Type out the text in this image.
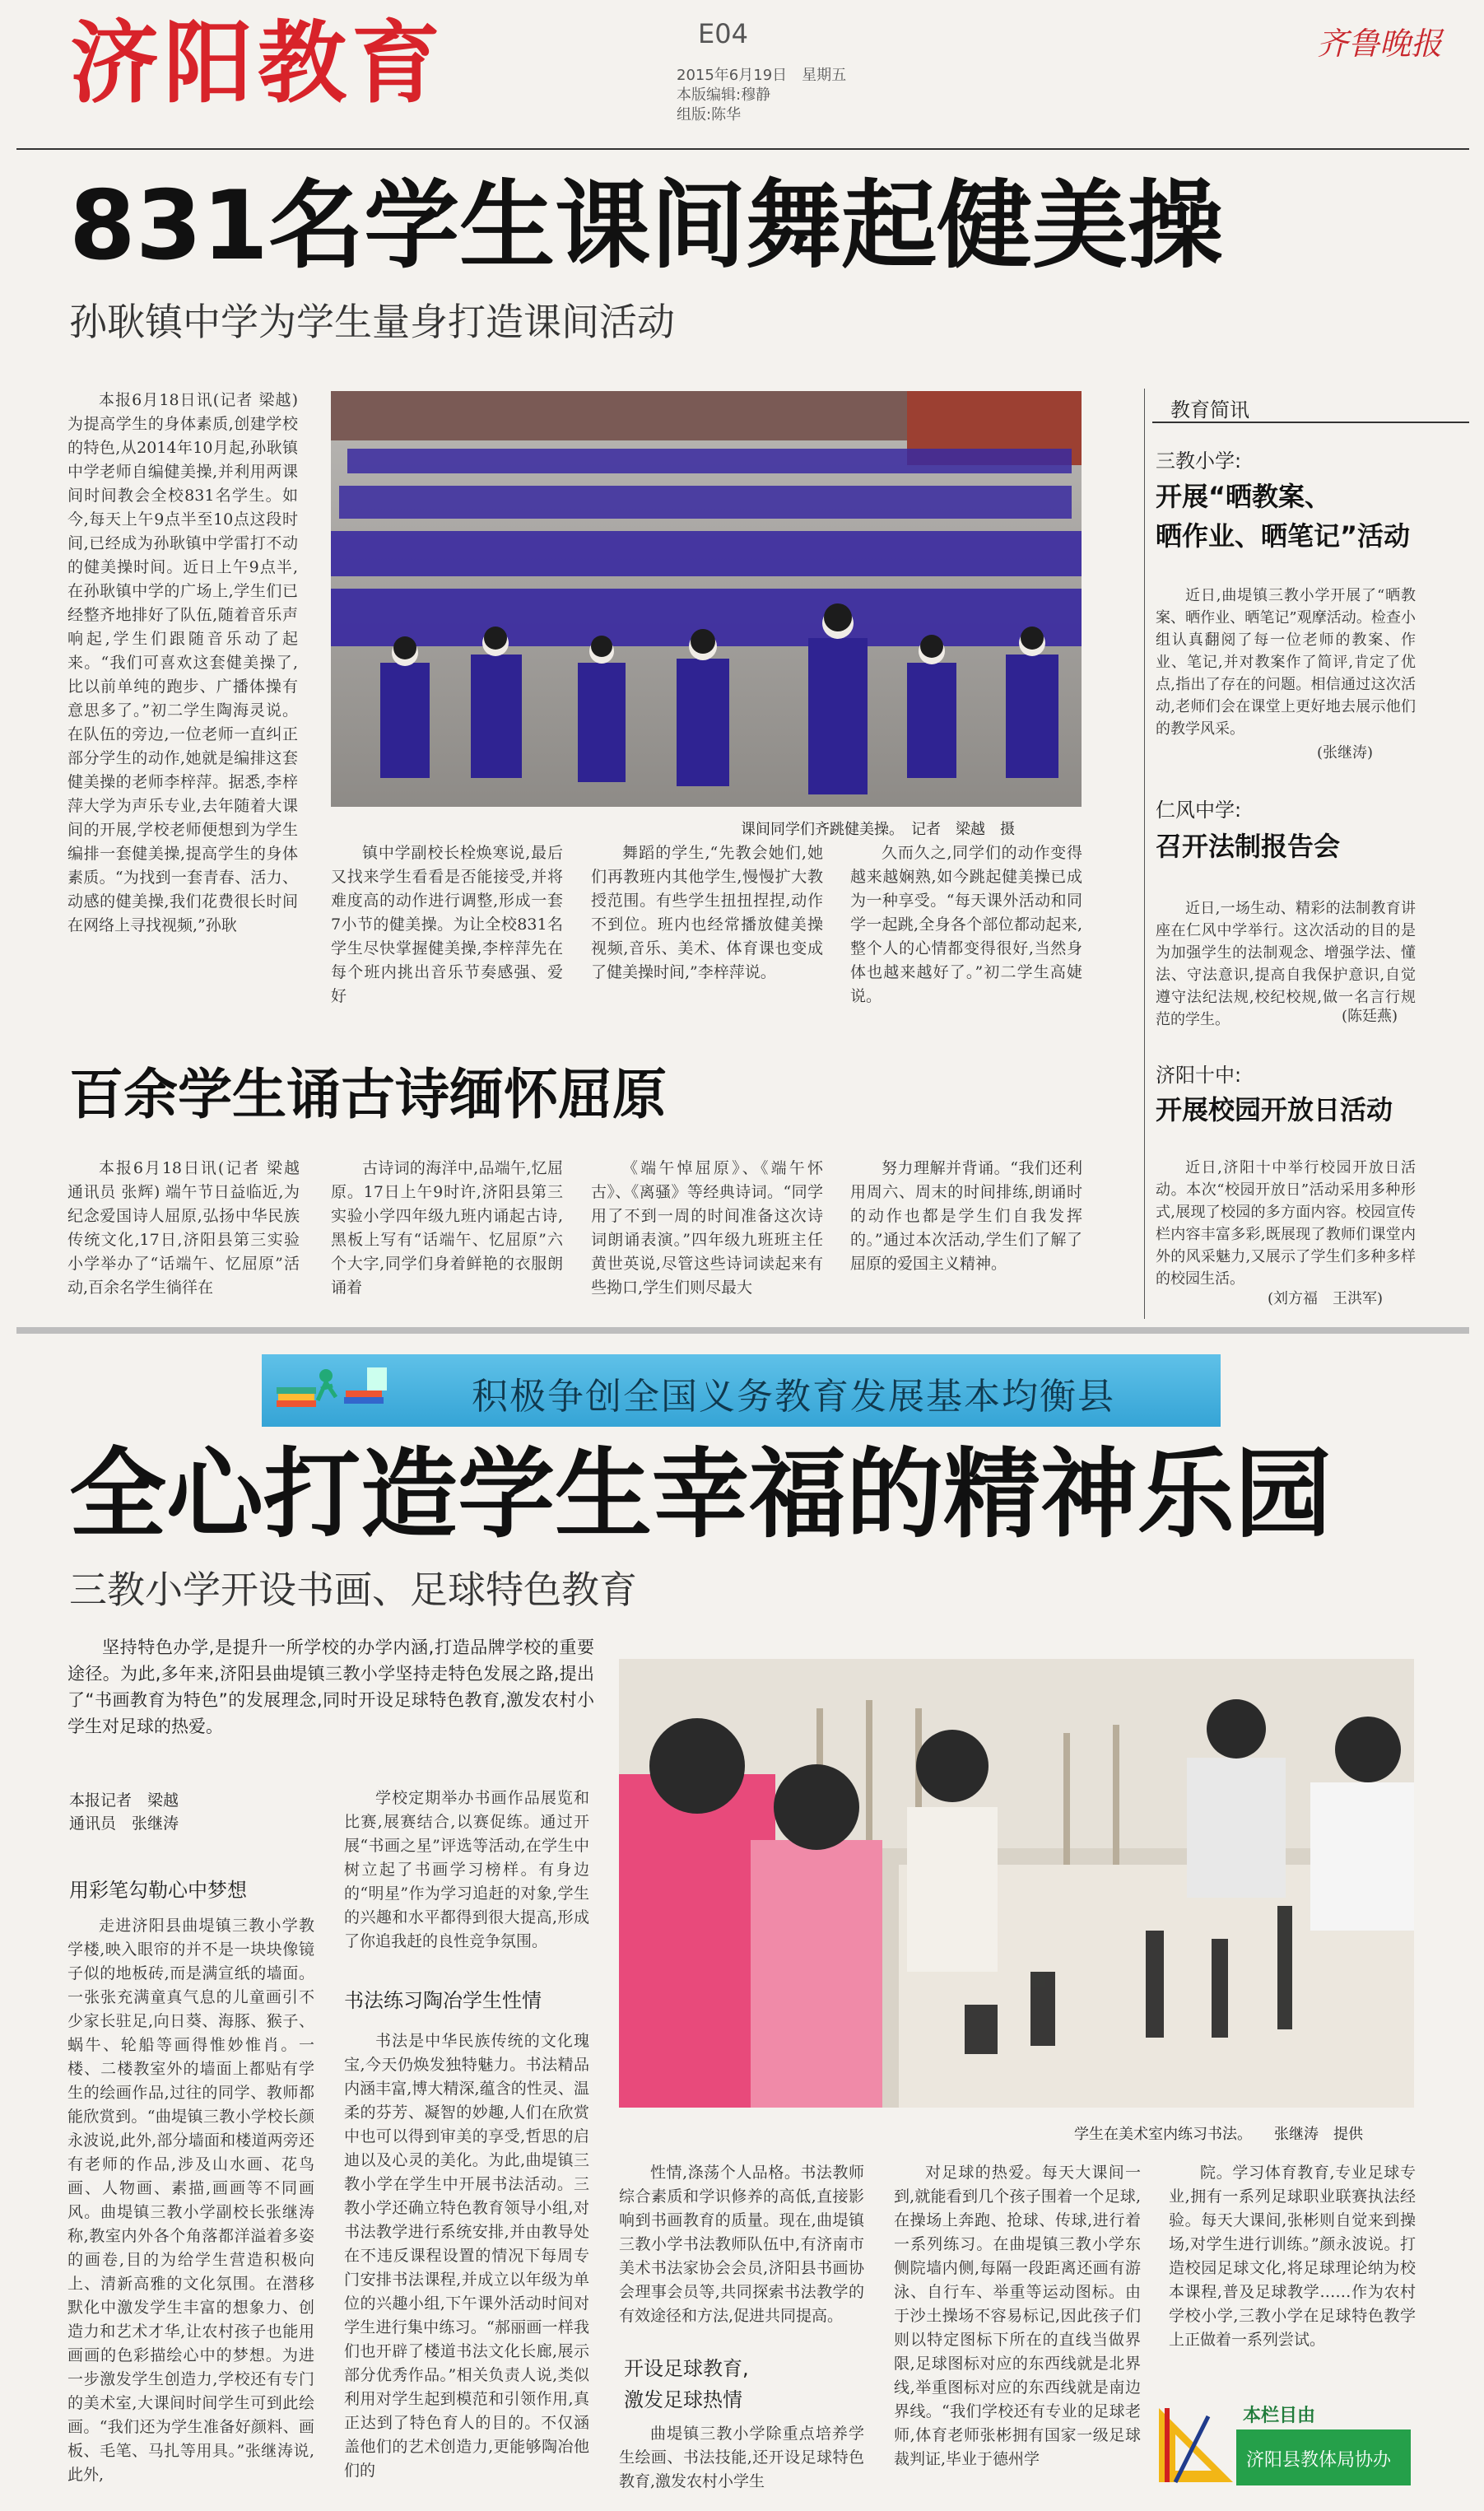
济阳教育	E04
2015年6月19日　星期五
本版编辑:穆静
组版:陈华
齐鲁晚报
831名学生课间舞起健美操
孙耿镇中学为学生量身打造课间活动
本报6月18日讯(记者 梁越) 为提高学生的身体素质,创建学校的特色,从2014年10月起,孙耿镇中学老师自编健美操,并利用两课间时间教会全校831名学生。如今,每天上午9点半至10点这段时间,已经成为孙耿镇中学雷打不动的健美操时间。近日上午9点半,在孙耿镇中学的广场上,学生们已经整齐地排好了队伍,随着音乐声响起,学生们跟随音乐动了起来。“我们可喜欢这套健美操了,比以前单纯的跑步、广播体操有意思多了。”初二学生陶海灵说。在队伍的旁边,一位老师一直纠正部分学生的动作,她就是编排这套健美操的老师李梓萍。据悉,李梓萍大学为声乐专业,去年随着大课间的开展,学校老师便想到为学生编排一套健美操,提高学生的身体素质。“为找到一套青春、活力、动感的健美操,我们花费很长时间在网络上寻找视频,”孙耿
课间同学们齐跳健美操。　记者　梁越　摄
镇中学副校长栓焕寒说,最后又找来学生看看是否能接受,并将难度高的动作进行调整,形成一套7小节的健美操。为让全校831名学生尽快掌握健美操,李梓萍先在每个班内挑出音乐节奏感强、爱好
舞蹈的学生,“先教会她们,她们再教班内其他学生,慢慢扩大教授范围。有些学生扭扭捏捏,动作不到位。班内也经常播放健美操视频,音乐、美术、体育课也变成了健美操时间,”李梓萍说。
久而久之,同学们的动作变得越来越娴熟,如今跳起健美操已成为一种享受。“每天课外活动和同学一起跳,全身各个部位都动起来,整个人的心情都变得很好,当然身体也越来越好了。”初二学生高婕说。
教育简讯
三教小学:
开展“晒教案、
晒作业、晒笔记”活动
近日,曲堤镇三教小学开展了“晒教案、晒作业、晒笔记”观摩活动。检查小组认真翻阅了每一位老师的教案、作业、笔记,并对教案作了简评,肯定了优点,指出了存在的问题。相信通过这次活动,老师们会在课堂上更好地去展示他们的教学风采。
(张继涛)
仁风中学:
召开法制报告会
近日,一场生动、精彩的法制教育讲座在仁风中学举行。这次活动的目的是为加强学生的法制观念、增强学法、懂法、守法意识,提高自我保护意识,自觉遵守法纪法规,校纪校规,做一名言行规范的学生。	(陈廷燕)
济阳十中:
开展校园开放日活动
近日,济阳十中举行校园开放日活动。本次“校园开放日”活动采用多种形式,展现了校园的多方面内容。校园宣传栏内容丰富多彩,既展现了教师们课堂内外的风采魅力,又展示了学生们多种多样的校园生活。
(刘方福　王洪军)
百余学生诵古诗缅怀屈原
本报6月18日讯(记者 梁越 通讯员 张辉) 端午节日益临近,为纪念爱国诗人屈原,弘扬中华民族传统文化,17日,济阳县第三实验小学举办了“话端午、忆屈原”活动,百余名学生徜徉在
古诗词的海洋中,品端午,忆屈原。17日上午9时许,济阳县第三实验小学四年级九班内诵起古诗,黑板上写有“话端午、忆屈原”六个大字,同学们身着鲜艳的衣服朗诵着
《端午悼屈原》、《端午怀古》、《离骚》等经典诗词。“同学用了不到一周的时间准备这次诗词朗诵表演。”四年级九班班主任黄世英说,尽管这些诗词读起来有些拗口,学生们则尽最大
努力理解并背诵。“我们还利用周六、周末的时间排练,朗诵时的动作也都是学生们自我发挥的。”通过本次活动,学生们了解了屈原的爱国主义精神。
积极争创全国义务教育发展基本均衡县
全心打造学生幸福的精神乐园
三教小学开设书画、足球特色教育
坚持特色办学,是提升一所学校的办学内涵,打造品牌学校的重要途径。为此,多年来,济阳县曲堤镇三教小学坚持走特色发展之路,提出了“书画教育为特色”的发展理念,同时开设足球特色教育,激发农村小学生对足球的热爱。
本报记者　梁越
通讯员　张继涛
用彩笔勾勒心中梦想
走进济阳县曲堤镇三教小学教学楼,映入眼帘的并不是一块块像镜子似的地板砖,而是满宣纸的墙面。一张张充满童真气息的儿童画引不少家长驻足,向日葵、海豚、猴子、蜗牛、轮船等画得惟妙惟肖。一楼、二楼教室外的墙面上都贴有学生的绘画作品,过往的同学、教师都能欣赏到。“曲堤镇三教小学校长颜永波说,此外,部分墙面和楼道两旁还有老师的作品,涉及山水画、花鸟画、人物画、素描,画画等不同画风。曲堤镇三教小学副校长张继涛称,教室内外各个角落都洋溢着多姿的画卷,目的为给学生营造积极向上、清新高雅的文化氛围。在潜移默化中激发学生丰富的想象力、创造力和艺术才华,让农村孩子也能用画画的色彩描绘心中的梦想。为进一步激发学生创造力,学校还有专门的美术室,大课间时间学生可到此绘画。“我们还为学生准备好颜料、画板、毛笔、马扎等用具。”张继涛说,此外,
学校定期举办书画作品展览和比赛,展赛结合,以赛促练。通过开展“书画之星”评选等活动,在学生中树立起了书画学习榜样。有身边的“明星”作为学习追赶的对象,学生的兴趣和水平都得到很大提高,形成了你追我赶的良性竞争氛围。
书法练习陶冶学生性情
书法是中华民族传统的文化瑰宝,今天仍焕发独特魅力。书法精品内涵丰富,博大精深,蕴含的性灵、温柔的芬芳、凝智的妙趣,人们在欣赏中也可以得到审美的享受,哲思的启迪以及心灵的美化。为此,曲堤镇三教小学在学生中开展书法活动。三教小学还确立特色教育领导小组,对书法教学进行系统安排,并由教导处在不违反课程设置的情况下每周专门安排书法课程,并成立以年级为单位的兴趣小组,下午课外活动时间对学生进行集中练习。“郝丽画一样我们也开辟了楼道书法文化长廊,展示部分优秀作品。”相关负责人说,类似利用对学生起到模范和引领作用,真正达到了特色育人的目的。不仅涵盖他们的艺术创造力,更能够陶冶他们的
学生在美术室内练习书法。　　张继涛　提供
性情,涤荡个人品格。书法教师综合素质和学识修养的高低,直接影响到书画教育的质量。现在,曲堤镇三教小学书法教师队伍中,有济南市美术书法家协会会员,济阳县书画协会理事会员等,共同探索书法教学的有效途径和方法,促进共同提高。
开设足球教育,
激发足球热情
曲堤镇三教小学除重点培养学生绘画、书法技能,还开设足球特色教育,激发农村小学生
对足球的热爱。每天大课间一到,就能看到几个孩子围着一个足球,在操场上奔跑、抢球、传球,进行着一系列练习。在曲堤镇三教小学东侧院墙内侧,每隔一段距离还画有游泳、自行车、举重等运动图标。由于沙土操场不容易标记,因此孩子们则以特定图标下所在的直线当做界限,足球图标对应的东西线就是北界线,举重图标对应的东西线就是南边界线。“我们学校还有专业的足球老师,体育老师张彬拥有国家一级足球裁判证,毕业于德州学
院。学习体育教育,专业足球专业,拥有一系列足球职业联赛执法经验。每天大课间,张彬则自觉来到操场,对学生进行训练。”颜永波说。打造校园足球文化,将足球理论纳为校本课程,普及足球教学……作为农村学校小学,三教小学在足球特色教学上正做着一系列尝试。
本栏目由
济阳县教体局协办
